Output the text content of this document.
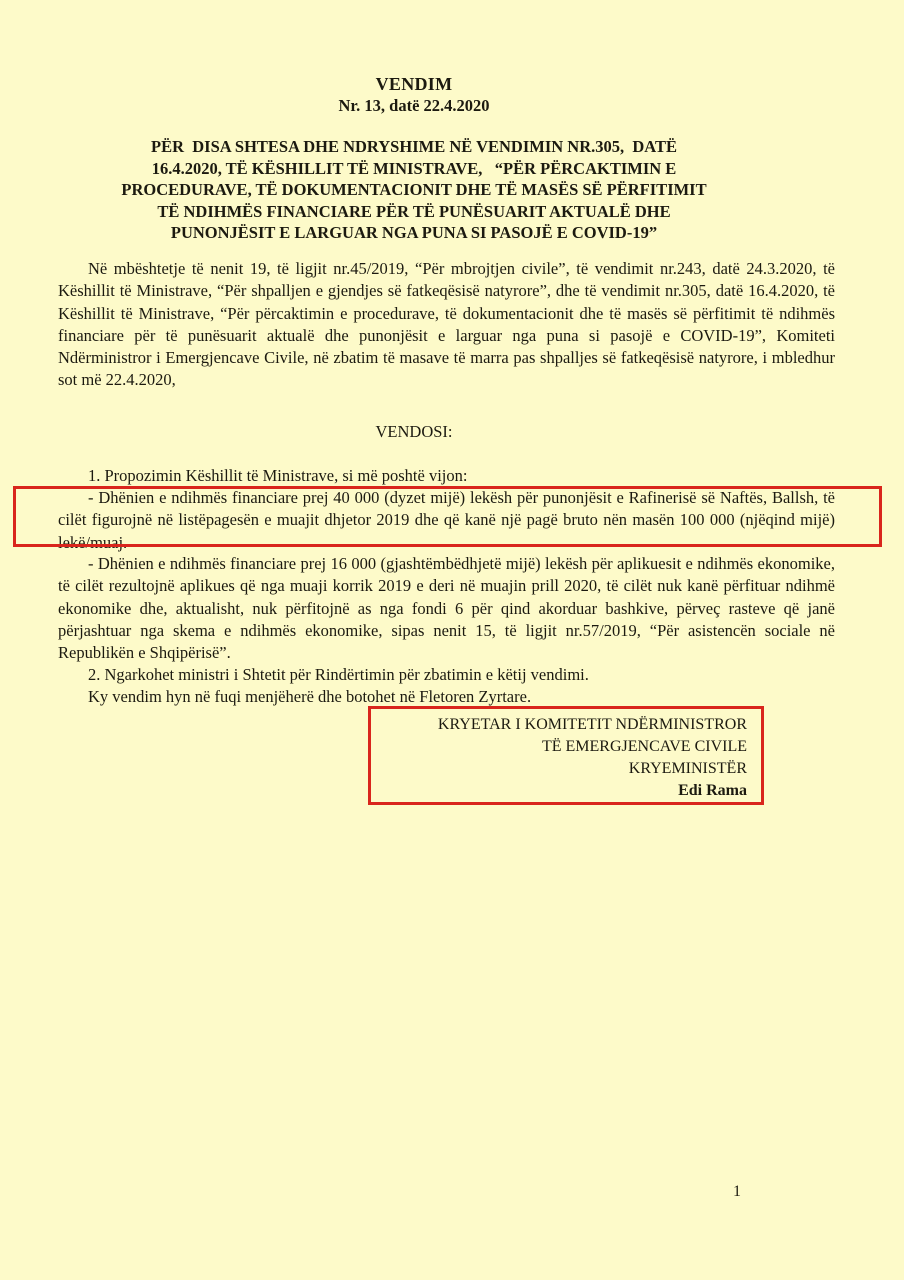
VENDIM
Nr. 13, datë 22.4.2020
PËR  DISA SHTESA DHE NDRYSHIME NË VENDIMIN NR.305,  DATË
16.4.2020, TË KËSHILLIT TË MINISTRAVE,   “PËR PËRCAKTIMIN E
PROCEDURAVE, TË DOKUMENTACIONIT DHE TË MASËS SË PËRFITIMIT
TË NDIHMËS FINANCIARE PËR TË PUNËSUARIT AKTUALË DHE
PUNONJËSIT E LARGUAR NGA PUNA SI PASOJË E COVID-19”

Në mbështetje të nenit 19, të ligjit nr.45/2019, “Për mbrojtjen civile”, të vendimit nr.243, datë 24.3.2020, të Këshillit të Ministrave, “Për shpalljen e gjendjes së fatkeqësisë natyrore”, dhe të vendimit nr.305, datë 16.4.2020, të Këshillit të Ministrave, “Për përcaktimin e procedurave, të dokumentacionit dhe të masës së përfitimit të ndihmës financiare për të punësuarit aktualë dhe punonjësit e larguar nga puna si pasojë e COVID-19”, Komiteti Ndërministror i Emergjencave Civile, në zbatim të masave të marra pas shpalljes së fatkeqësisë natyrore, i mbledhur sot më 22.4.2020,

VENDOSI:

1. Propozimin Këshillit të Ministrave, si më poshtë vijon:

- Dhënien e ndihmës financiare prej 40 000 (dyzet mijë) lekësh për punonjësit e Rafinerisë së Naftës, Ballsh, të cilët figurojnë në listëpagesën e muajit dhjetor 2019 dhe që kanë një pagë bruto nën masën 100 000 (njëqind mijë) lekë/muaj.

- Dhënien e ndihmës financiare prej 16 000 (gjashtëmbëdhjetë mijë) lekësh për aplikuesit e ndihmës ekonomike, të cilët rezultojnë aplikues që nga muaji korrik 2019 e deri në muajin prill 2020, të cilët nuk kanë përfituar ndihmë ekonomike dhe, aktualisht, nuk përfitojnë as nga fondi 6 për qind akorduar bashkive, përveç rasteve që janë përjashtuar nga skema e ndihmës ekonomike, sipas nenit 15, të ligjit nr.57/2019, “Për asistencën sociale në Republikën e Shqipërisë”.

2. Ngarkohet ministri i Shtetit për Rindërtimin për zbatimin e këtij vendimi.

Ky vendim hyn në fuqi menjëherë dhe botohet në Fletoren Zyrtare.

KRYETAR I KOMITETIT NDËRMINISTROR
TË EMERGJENCAVE CIVILE
KRYEMINISTËR
Edi Rama
1
